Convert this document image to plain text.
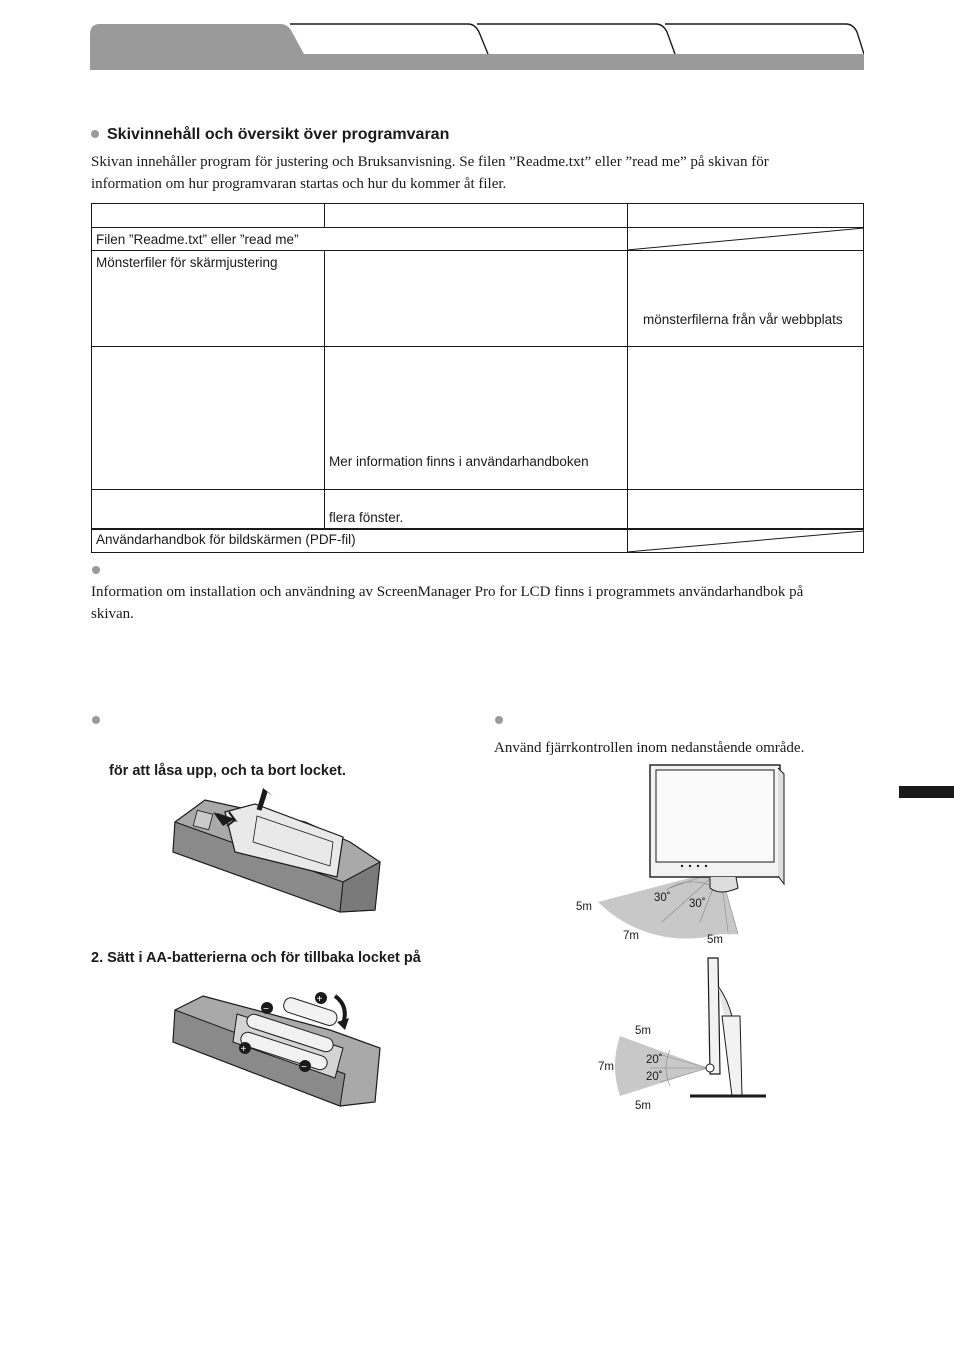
Skivinnehåll och översikt över programvaran
Skivan innehåller program för justering och Bruksanvisning. Se filen ”Readme.txt” eller ”read me” på skivan för
information om hur programvaran startas och hur du kommer åt filer.
Filen ”Readme.txt” eller ”read me”
Mönsterfiler för skärmjustering
mönsterfilerna från vår webbplats
Mer information finns i användarhandboken
flera fönster.
Användarhandbok för bildskärmen (PDF-fil)
Information om installation och användning av ScreenManager Pro for LCD finns i programmets användarhandbok på
skivan.
för att låsa upp, och ta bort locket.
2. Sätt i AA-batterierna och för tillbaka locket på
−
+
+
−
Använd fjärrkontrollen inom nedanstående område.
5m
7m	5m
30˚ 30˚
5m
7m
5m
20˚
20˚
